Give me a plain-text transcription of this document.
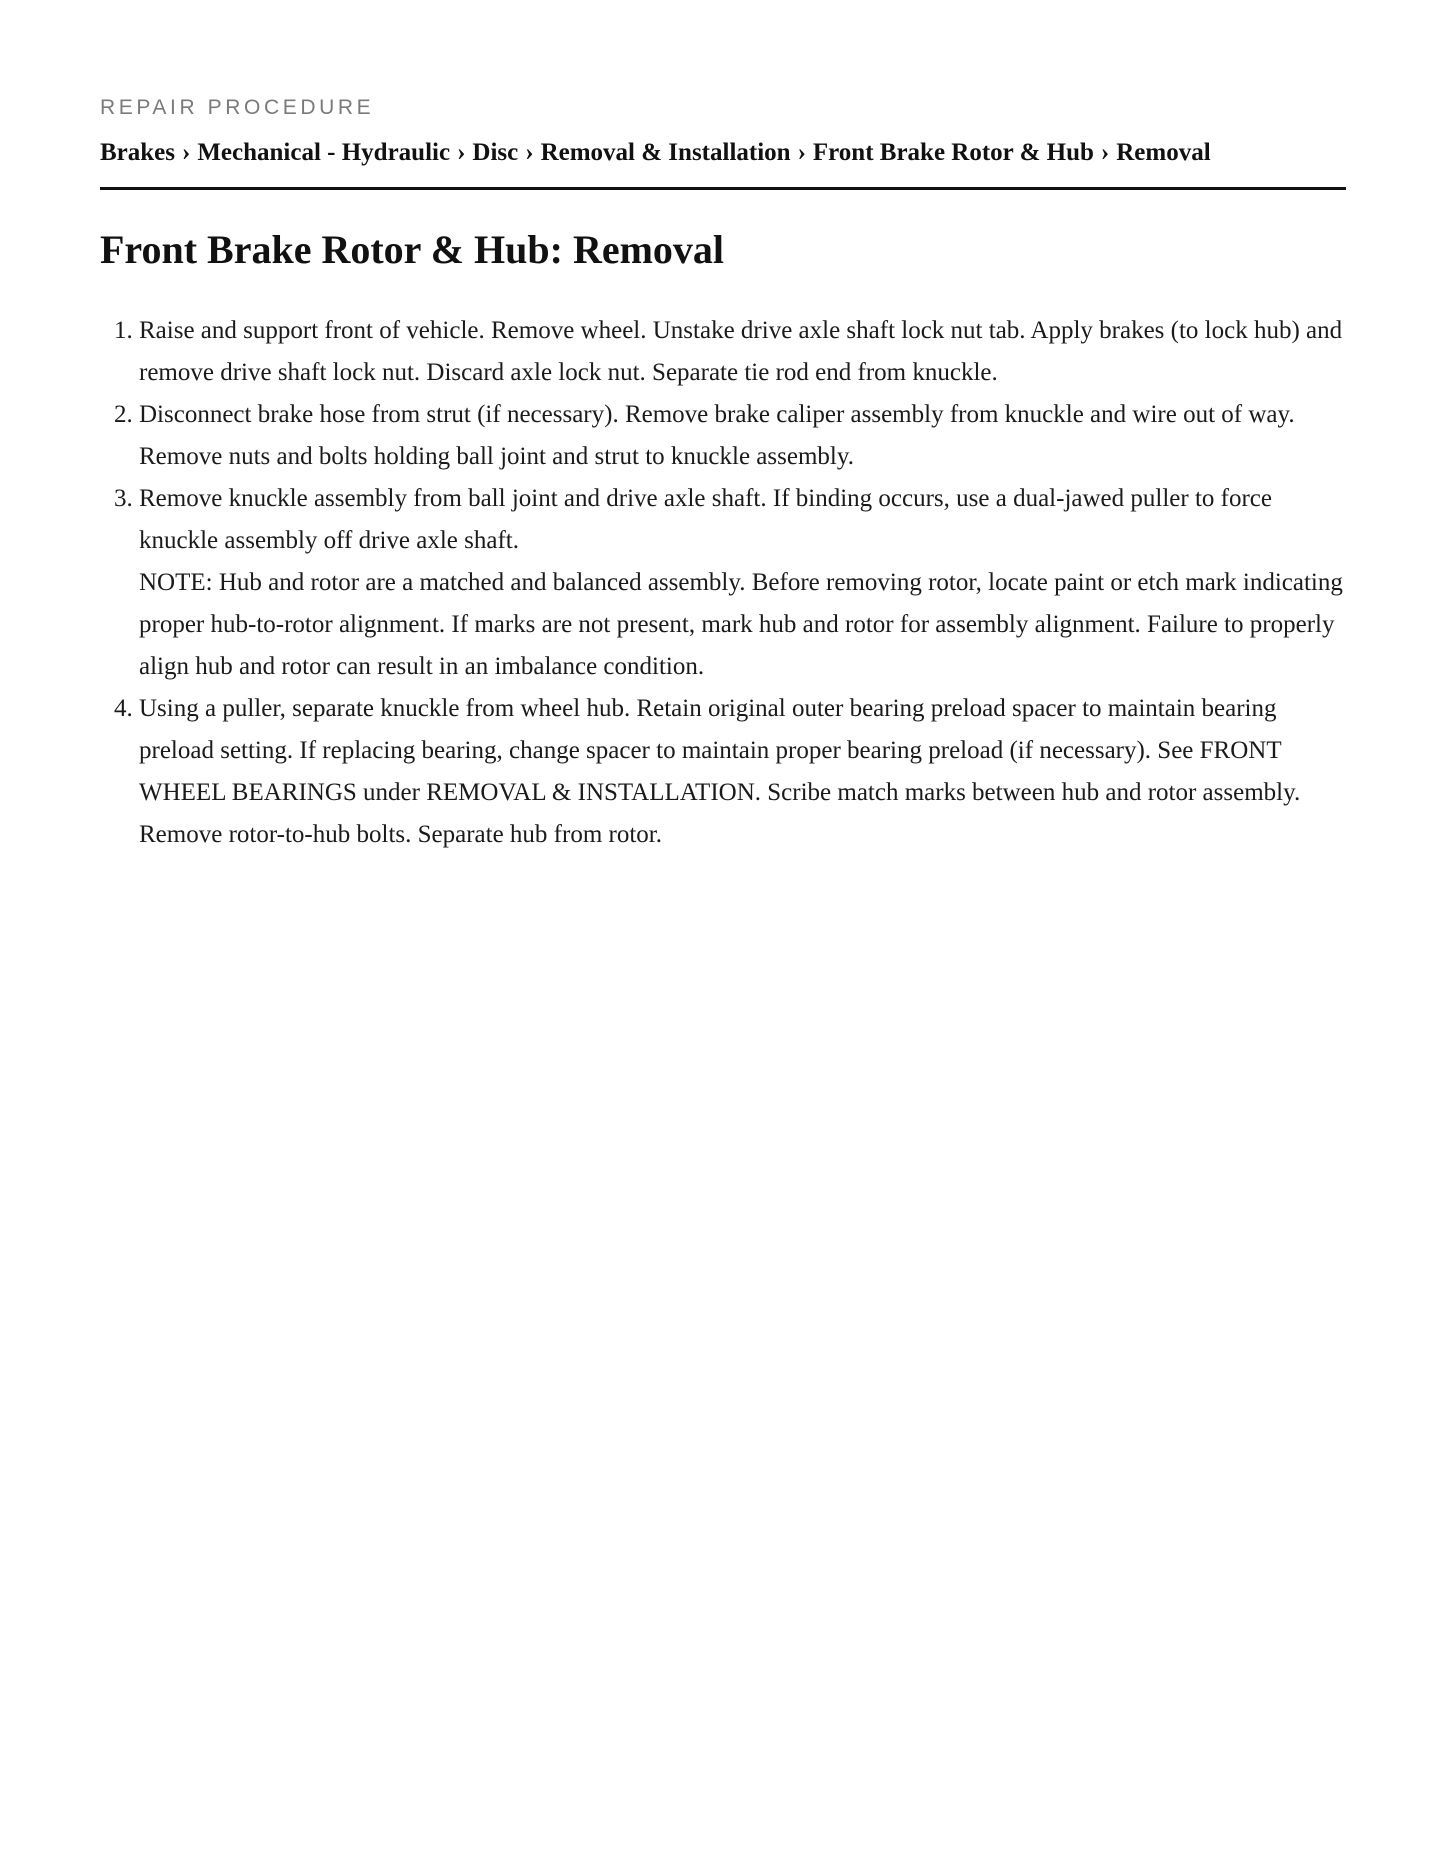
REPAIR PROCEDURE
Brakes › Mechanical - Hydraulic › Disc › Removal & Installation › Front Brake Rotor & Hub › Removal
Front Brake Rotor & Hub: Removal
1. Raise and support front of vehicle. Remove wheel. Unstake drive axle shaft lock nut tab. Apply brakes (to lock hub) and remove drive shaft lock nut. Discard axle lock nut. Separate tie rod end from knuckle.
2. Disconnect brake hose from strut (if necessary). Remove brake caliper assembly from knuckle and wire out of way. Remove nuts and bolts holding ball joint and strut to knuckle assembly.
3. Remove knuckle assembly from ball joint and drive axle shaft. If binding occurs, use a dual-jawed puller to force knuckle assembly off drive axle shaft.
NOTE: Hub and rotor are a matched and balanced assembly. Before removing rotor, locate paint or etch mark indicating proper hub-to-rotor alignment. If marks are not present, mark hub and rotor for assembly alignment. Failure to properly align hub and rotor can result in an imbalance condition.
4. Using a puller, separate knuckle from wheel hub. Retain original outer bearing preload spacer to maintain bearing preload setting. If replacing bearing, change spacer to maintain proper bearing preload (if necessary). See FRONT WHEEL BEARINGS under REMOVAL & INSTALLATION. Scribe match marks between hub and rotor assembly. Remove rotor-to-hub bolts. Separate hub from rotor.
